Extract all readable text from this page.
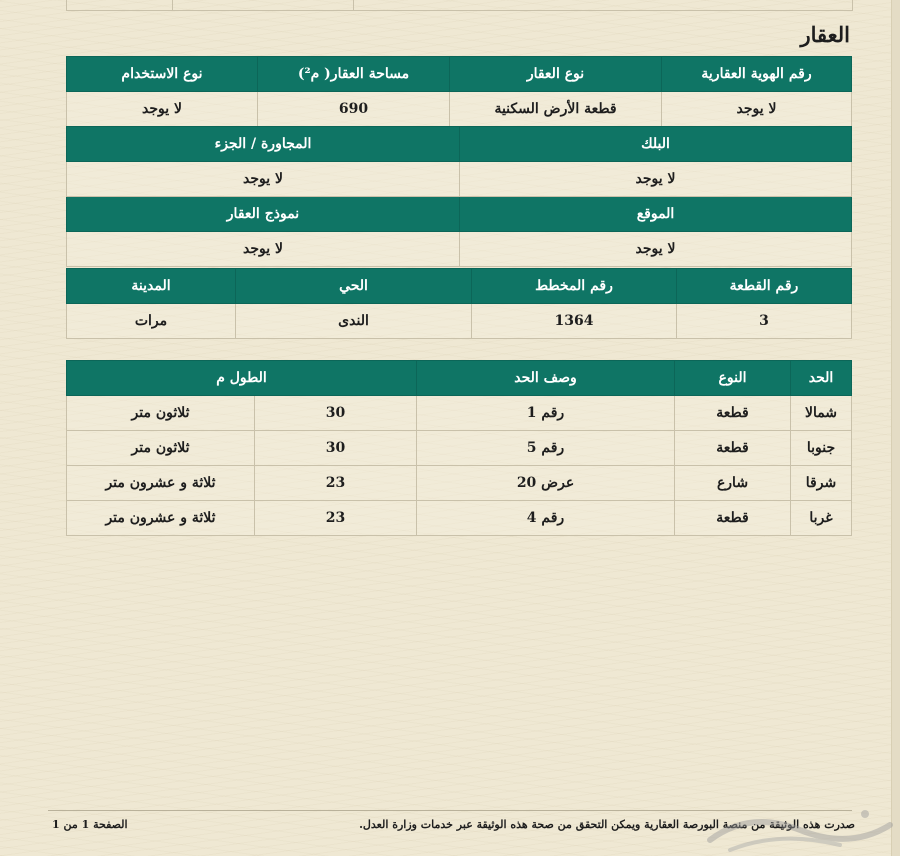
العقار
رقم الهوية العقارية	نوع العقار	مساحة العقار( م²)	نوع الاستخدام
لا يوجد	قطعة الأرض السكنية	690	لا يوجد
البلك	المجاورة / الجزء
لا يوجد	لا يوجد
الموقع	نموذج العقار
لا يوجد	لا يوجد
رقم القطعة	رقم المخطط	الحي	المدينة
3	1364	الندى	مرات
الحد	النوع	وصف الحد	الطول م	
شمالا	قطعة	رقم 1	30	ثلاثون متر
جنوبا	قطعة	رقم 5	30	ثلاثون متر
شرقا	شارع	عرض 20	23	ثلاثة و عشرون متر
غربا	قطعة	رقم 4	23	ثلاثة و عشرون متر
الصفحة 1 من 1	صدرت هذه الوثيقة من منصة البورصة العقارية ويمكن التحقق من صحة هذه الوثيقة عبر خدمات وزارة العدل.
